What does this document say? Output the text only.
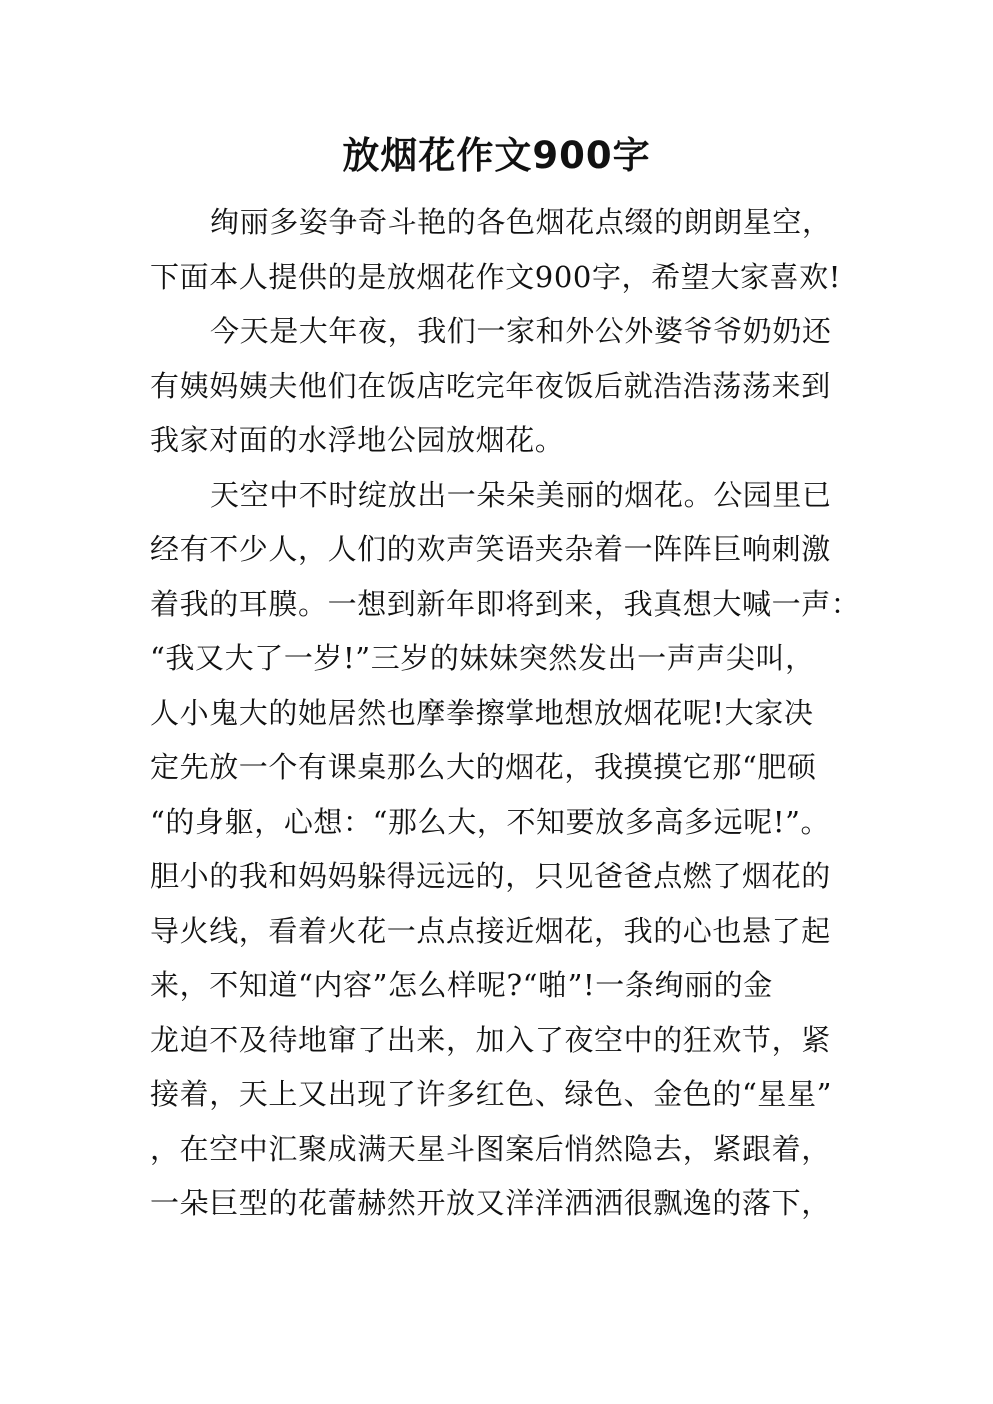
放烟花作文900字
绚丽多姿争奇斗艳的各色烟花点缀的朗朗星空，
下面本人提供的是放烟花作文900字，希望大家喜欢!
今天是大年夜，我们一家和外公外婆爷爷奶奶还
有姨妈姨夫他们在饭店吃完年夜饭后就浩浩荡荡来到
我家对面的水浮地公园放烟花。
天空中不时绽放出一朵朵美丽的烟花。公园里已
经有不少人，人们的欢声笑语夹杂着一阵阵巨响刺激
着我的耳膜。一想到新年即将到来，我真想大喊一声：
“我又大了一岁!”三岁的妹妹突然发出一声声尖叫，
人小鬼大的她居然也摩拳擦掌地想放烟花呢!大家决
定先放一个有课桌那么大的烟花，我摸摸它那“肥硕
“的身躯，心想：“那么大，不知要放多高多远呢!”。
胆小的我和妈妈躲得远远的，只见爸爸点燃了烟花的
导火线，看着火花一点点接近烟花，我的心也悬了起
来，不知道“内容”怎么样呢?“啪”!一条绚丽的金
龙迫不及待地窜了出来，加入了夜空中的狂欢节，紧
接着，天上又出现了许多红色、绿色、金色的“星星”
，在空中汇聚成满天星斗图案后悄然隐去，紧跟着，
一朵巨型的花蕾赫然开放又洋洋洒洒很飘逸的落下，
